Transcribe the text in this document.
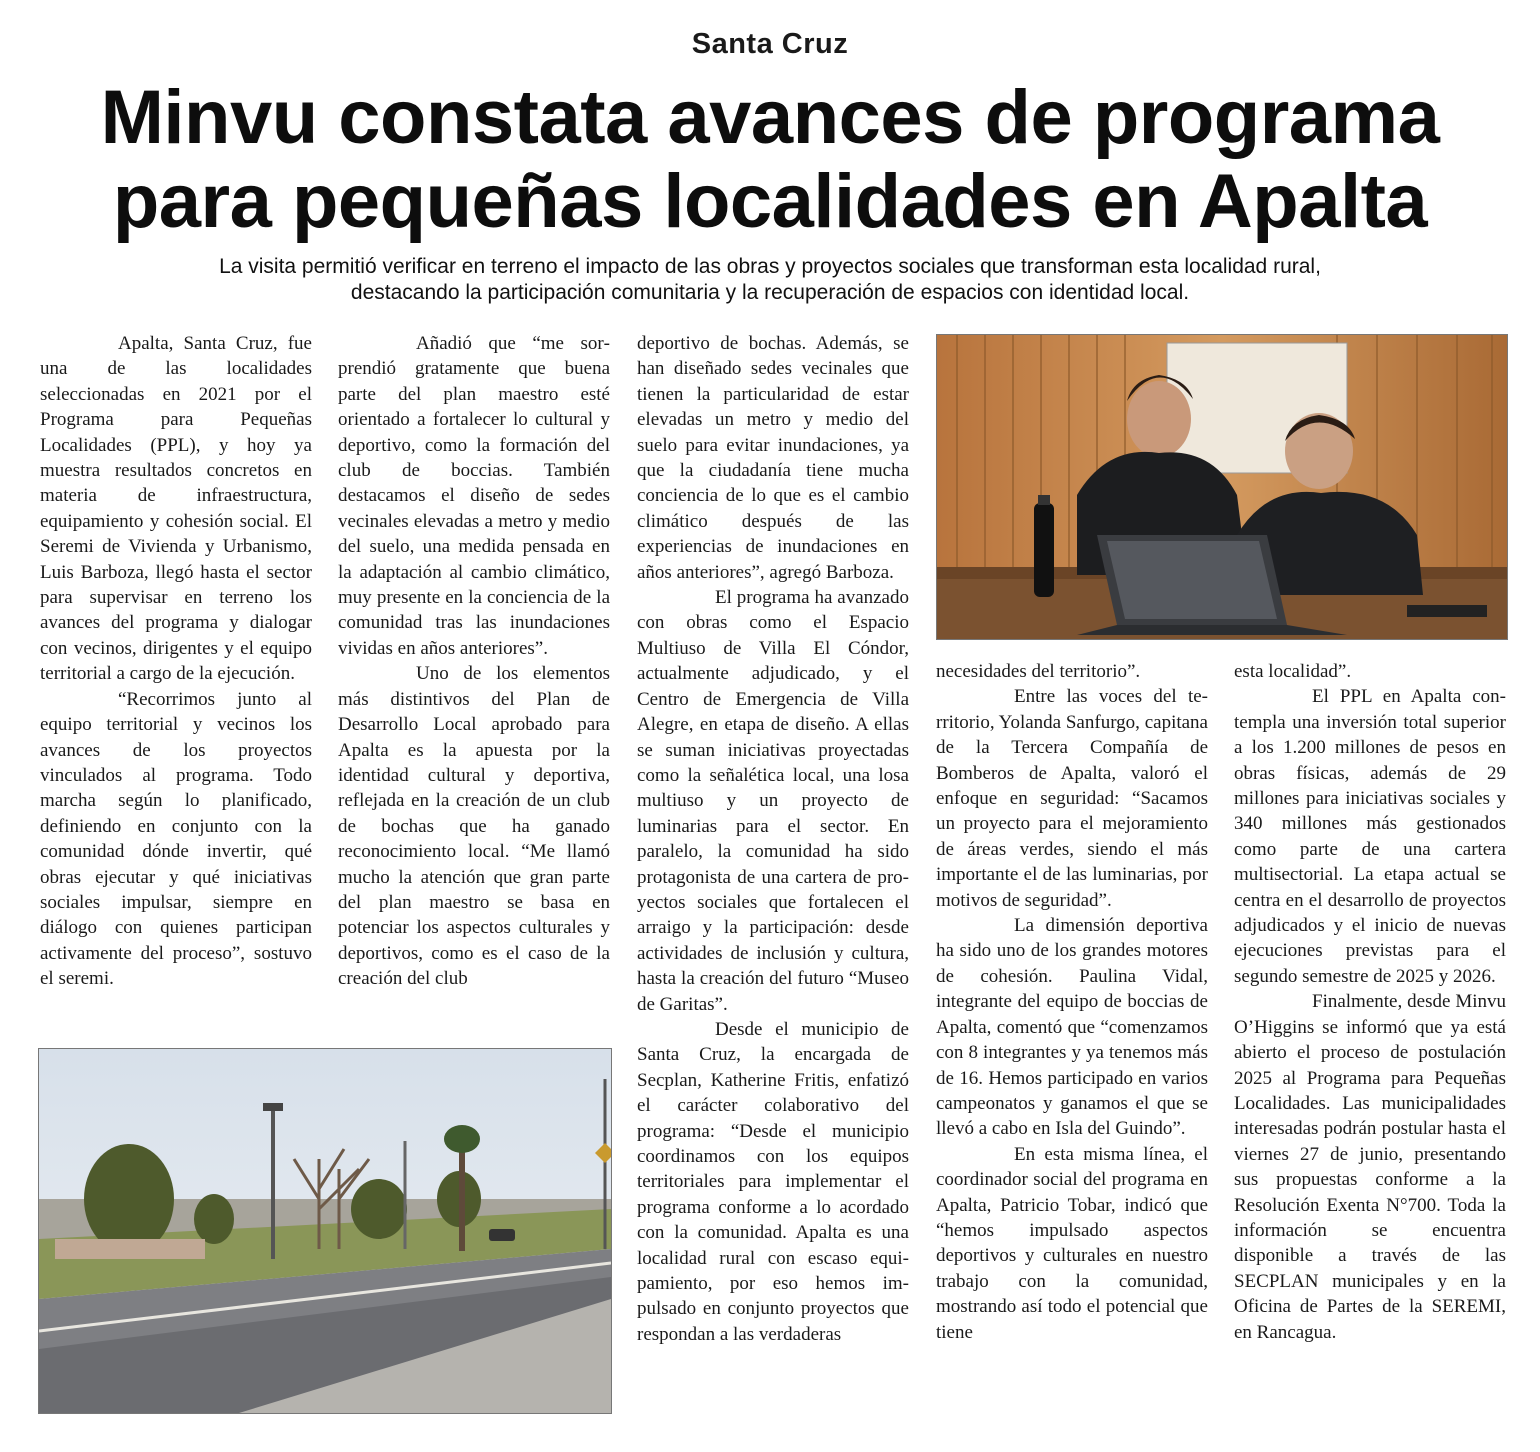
Santa Cruz
Minvu constata avances de programa
para pequeñas localidades en Apalta
La visita permitió verificar en terreno el impacto de las obras y proyectos sociales que transforman esta localidad rural,
destacando la participación comunitaria y la recuperación de espacios con identidad local.

Apalta, Santa Cruz, fue una de las localidades seleccionadas en 2021 por el Programa para Pequeñas Localidades (PPL), y hoy ya muestra resultados concretos en materia de infraestructura, equipamiento y cohesión social. El Seremi de Vivienda y Urbanismo, Luis Barboza, llegó hasta el sector para supervisar en terreno los avances del programa y dialogar con vecinos, dirigentes y el equipo territorial a cargo de la ejecución.

“Recorrimos junto al equipo territorial y vecinos los avances de los proyectos vinculados al programa. Todo marcha según lo planificado, definiendo en conjunto con la comunidad dónde invertir, qué obras ejecutar y qué iniciativas sociales impulsar, siempre en diálogo con quienes participan activamente del proceso”, sostuvo el seremi.

Añadió que “me sorprendió gratamente que buena parte del plan maestro esté orientado a fortalecer lo cultural y deportivo, como la formación del club de boccias. También destacamos el diseño de sedes vecinales elevadas a metro y medio del suelo, una medida pensada en la adaptación al cambio climático, muy presente en la conciencia de la comunidad tras las inundaciones vividas en años anteriores”.

Uno de los elementos más distintivos del Plan de Desarrollo Local aprobado para Apalta es la apuesta por la identidad cultural y deportiva, reflejada en la creación de un club de bochas que ha ganado reconocimiento local. “Me llamó mucho la atención que gran parte del plan maestro se basa en potenciar los aspectos culturales y deportivos, como es el caso de la creación del club

deportivo de bochas. Además, se han diseñado sedes vecinales que tienen la particularidad de estar elevadas un metro y medio del suelo para evitar inundaciones, ya que la ciudadanía tiene mucha conciencia de lo que es el cambio climático después de las experiencias de inundaciones en años anteriores”, agregó Barboza.

El programa ha avanzado con obras como el Espacio Multiuso de Villa El Cóndor, actualmente adjudicado, y el Centro de Emergencia de Villa Alegre, en etapa de diseño. A ellas se suman iniciativas proyectadas como la señalética local, una losa multiuso y un proyecto de luminarias para el sector. En paralelo, la comunidad ha sido protagonista de una cartera de proyectos sociales que fortalecen el arraigo y la participación: desde actividades de inclusión y cultura, hasta la creación del futuro “Museo de Garitas”.

Desde el municipio de Santa Cruz, la encargada de Secplan, Katherine Fritis, enfatizó el carácter colaborativo del programa: “Desde el municipio coordinamos con los equipos territoriales para implementar el programa conforme a lo acordado con la comunidad. Apalta es una localidad rural con escaso equipamiento, por eso hemos impulsado en conjunto proyectos que respondan a las verdaderas

necesidades del territorio”.

Entre las voces del territorio, Yolanda Sanfurgo, capitana de la Tercera Compañía de Bomberos de Apalta, valoró el enfoque en seguridad: “Sacamos un proyecto para el mejoramiento de áreas verdes, siendo el más importante el de las luminarias, por motivos de seguridad”.

La dimensión deportiva ha sido uno de los grandes motores de cohesión. Paulina Vidal, integrante del equipo de boccias de Apalta, comentó que “comenzamos con 8 integrantes y ya tenemos más de 16. Hemos participado en varios campeonatos y ganamos el que se llevó a cabo en Isla del Guindo”.

En esta misma línea, el coordinador social del programa en Apalta, Patricio Tobar, indicó que “hemos impulsado aspectos deportivos y culturales en nuestro trabajo con la comunidad, mostrando así todo el potencial que tiene

esta localidad”.

El PPL en Apalta contempla una inversión total superior a los 1.200 millones de pesos en obras físicas, además de 29 millones para iniciativas sociales y 340 millones más gestionados como parte de una cartera multisectorial. La etapa actual se centra en el desarrollo de proyectos adjudicados y el inicio de nuevas ejecuciones previstas para el segundo semestre de 2025 y 2026.

Finalmente, desde Minvu O’Higgins se informó que ya está abierto el proceso de postulación 2025 al Programa para Pequeñas Localidades. Las municipalidades interesadas podrán postular hasta el viernes 27 de junio, presentando sus propuestas conforme a la Resolución Exenta N°700. Toda la información se encuentra disponible a través de las SECPLAN municipales y en la Oficina de Partes de la SEREMI, en Rancagua.
